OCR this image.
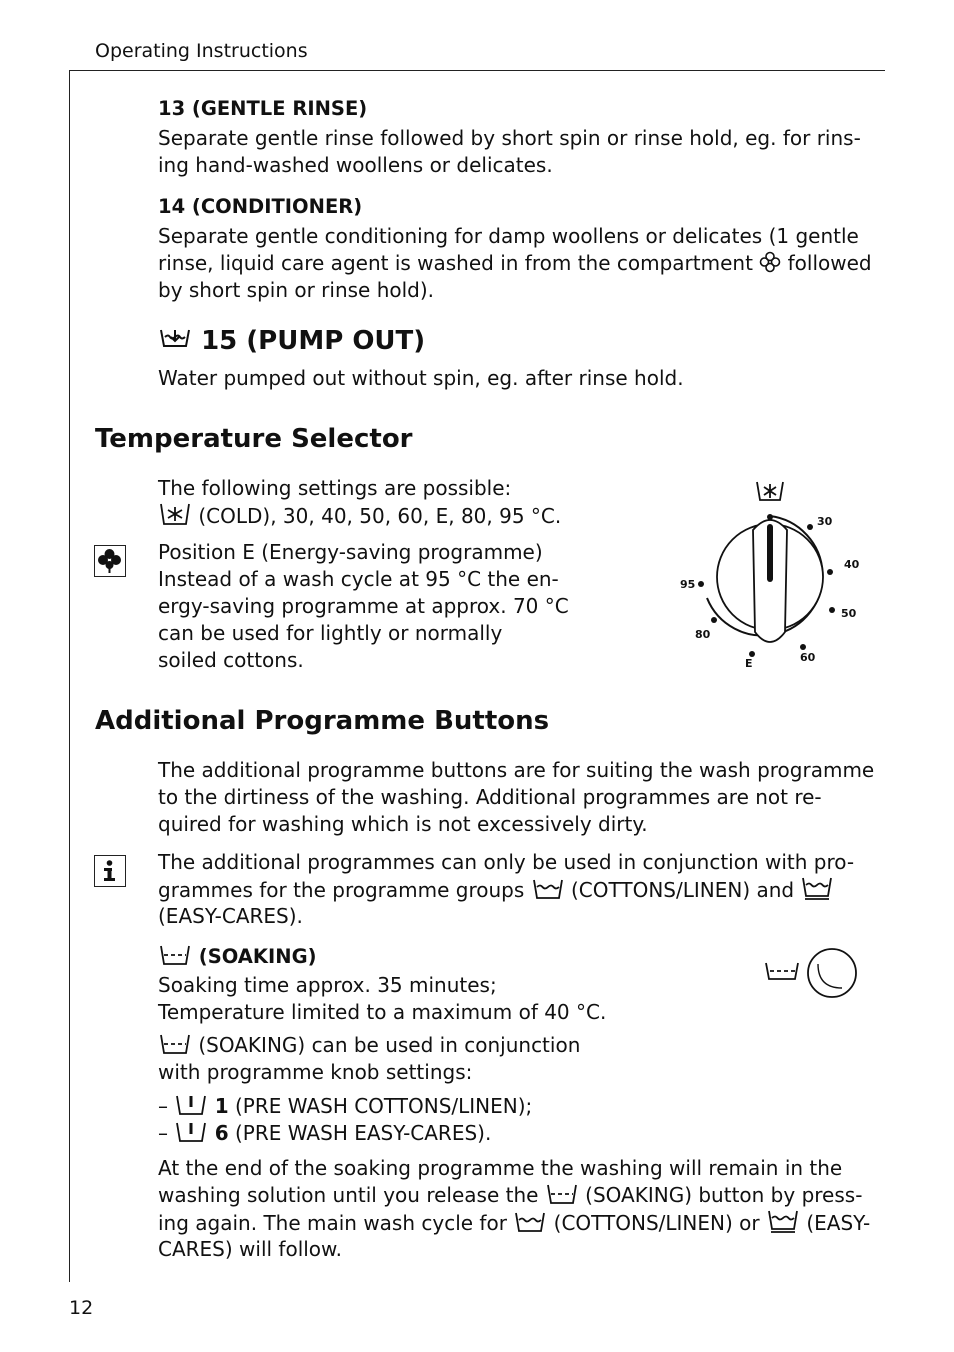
Operating Instructions
12
13 (GENTLE RINSE)
Separate gentle rinse followed by short spin or rinse hold, eg. for rins-
ing hand-washed woollens or delicates.
14 (CONDITIONER)
Separate gentle conditioning for damp woollens or delicates (1 gentle
rinse, liquid care agent is washed in from the compartment followed
by short spin or rinse hold).
15 (PUMP OUT)
Water pumped out without spin, eg. after rinse hold.
Temperature Selector
The following settings are possible:
(COLD), 30, 40, 50, 60, E, 80, 95 °C.
Position E (Energy-saving programme)
Instead of a wash cycle at 95 °C the en-
ergy-saving programme at approx. 70 °C
can be used for lightly or normally
soiled cottons.
30
40
50
60
E
80
95
Additional Programme Buttons
The additional programme buttons are for suiting the wash programme
to the dirtiness of the washing. Additional programmes are not re-
quired for washing which is not excessively dirty.
The additional programmes can only be used in conjunction with pro-
grammes for the programme groups (COTTONS/LINEN) and
(EASY-CARES).
(SOAKING)
Soaking time approx. 35 minutes;
Temperature limited to a maximum of 40 °C.
(SOAKING) can be used in conjunction
with programme knob settings:
– 1 (PRE WASH COTTONS/LINEN);
– 6 (PRE WASH EASY-CARES).
At the end of the soaking programme the washing will remain in the
washing solution until you release the (SOAKING) button by press-
ing again. The main wash cycle for (COTTONS/LINEN) or (EASY-
CARES) will follow.
